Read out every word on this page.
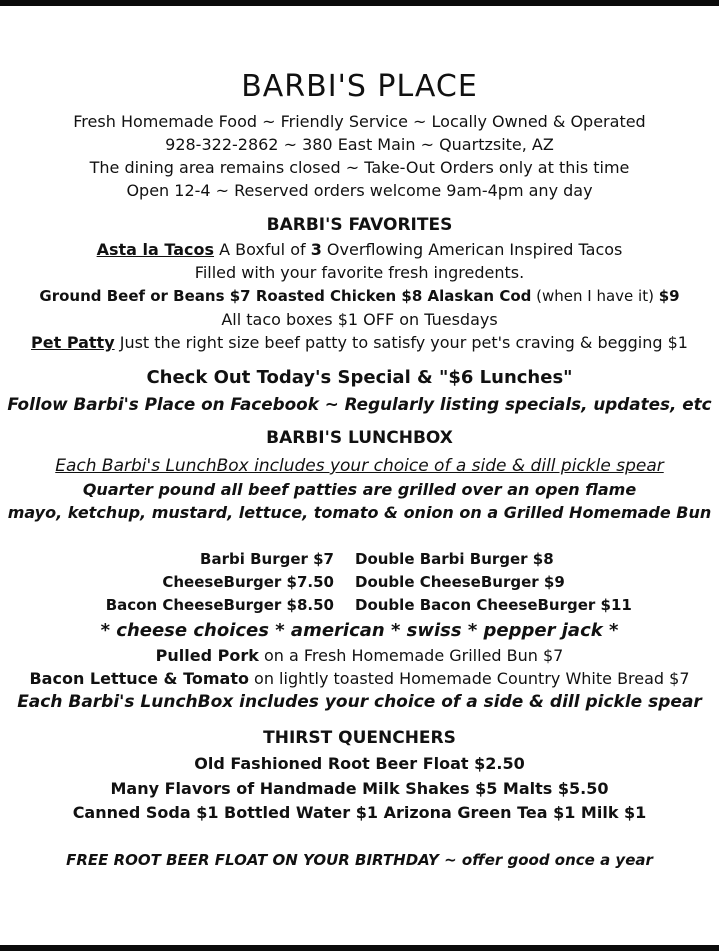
BARBI'S PLACE
Fresh Homemade Food ~ Friendly Service ~ Locally Owned & Operated
928-322-2862 ~ 380 East Main ~ Quartzsite, AZ
The dining area remains closed ~ Take-Out Orders only at this time
Open 12-4 ~ Reserved orders welcome 9am-4pm any day
BARBI'S FAVORITES
Asta la Tacos A Boxful of 3 Overflowing American Inspired Tacos
Filled with your favorite fresh ingredents.
Ground Beef or Beans $7 Roasted Chicken $8 Alaskan Cod (when I have it) $9
All taco boxes $1 OFF on Tuesdays
Pet Patty Just the right size beef patty to satisfy your pet's craving & begging $1
Check Out Today's Special & "$6 Lunches"
Follow Barbi's Place on Facebook ~ Regularly listing specials, updates, etc
BARBI'S LUNCHBOX
Each Barbi's LunchBox includes your choice of a side & dill pickle spear
Quarter pound all beef patties are grilled over an open flame
mayo, ketchup, mustard, lettuce, tomato & onion on a Grilled Homemade Bun
Barbi Burger $7 Double Barbi Burger $8
CheeseBurger $7.50 Double CheeseBurger $9
Bacon CheeseBurger $8.50 Double Bacon CheeseBurger $11
* cheese choices * american * swiss * pepper jack *
Pulled Pork on a Fresh Homemade Grilled Bun $7
Bacon Lettuce & Tomato on lightly toasted Homemade Country White Bread $7
Each Barbi's LunchBox includes your choice of a side & dill pickle spear
THIRST QUENCHERS
Old Fashioned Root Beer Float $2.50
Many Flavors of Handmade Milk Shakes $5 Malts $5.50
Canned Soda $1 Bottled Water $1 Arizona Green Tea $1 Milk $1
FREE ROOT BEER FLOAT ON YOUR BIRTHDAY ~ offer good once a year
